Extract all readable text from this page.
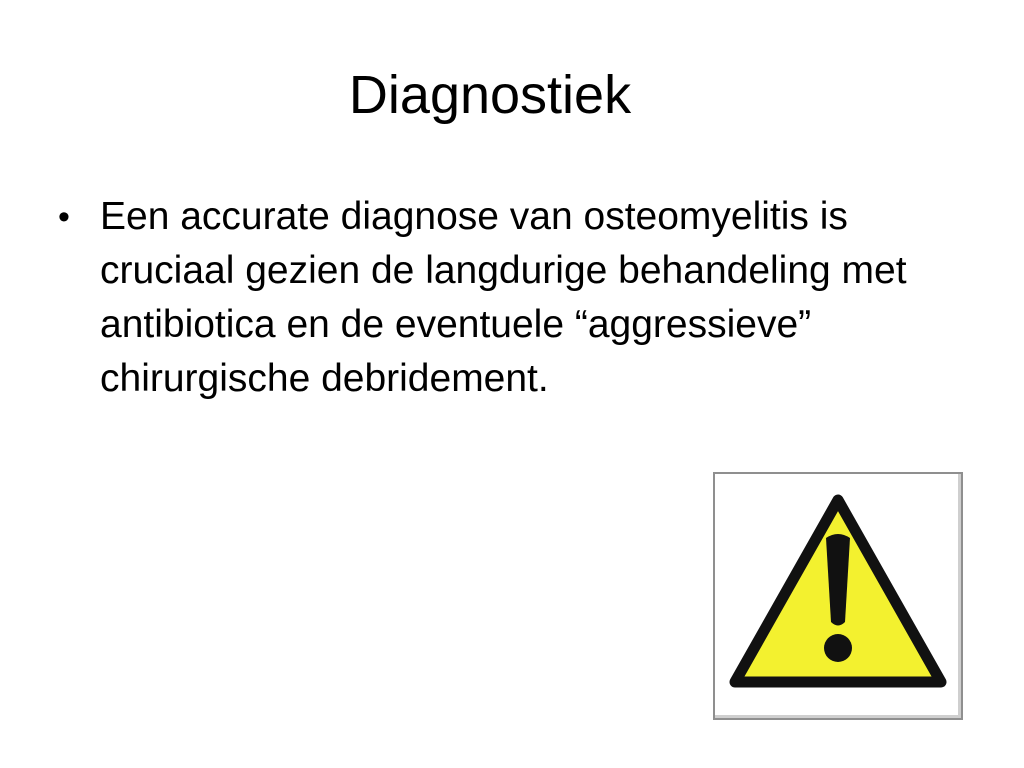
Diagnostiek
• Een accurate diagnose van osteomyelitis is cruciaal gezien de langdurige behandeling met antibiotica en de eventuele “aggressieve” chirurgische debridement.
